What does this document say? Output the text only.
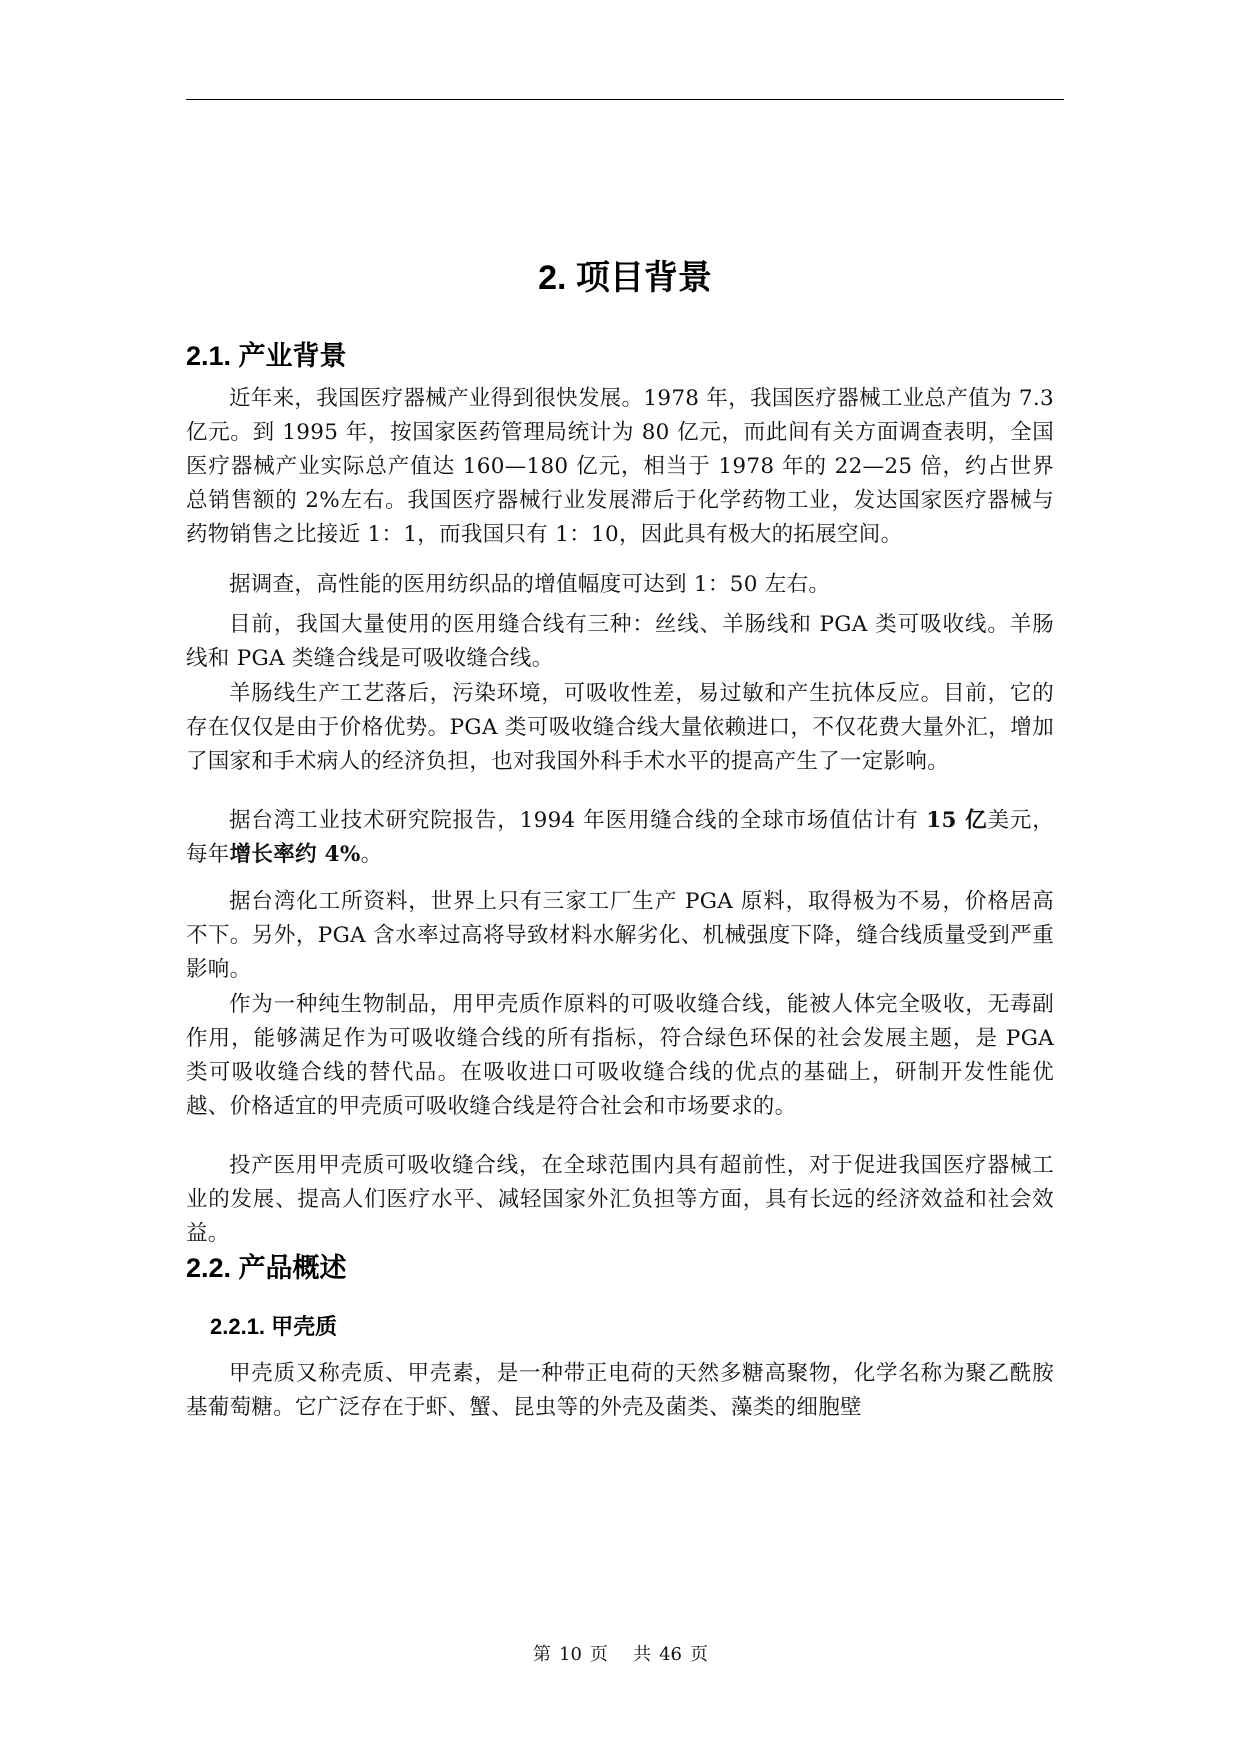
2. 项目背景
2.1. 产业背景

近年来，我国医疗器械产业得到很快发展。1978 年，我国医疗器械工业总产值为 7.3 亿元。到 1995 年，按国家医药管理局统计为 80 亿元，而此间有关方面调查表明，全国医疗器械产业实际总产值达 160—180 亿元，相当于 1978 年的 22—25 倍，约占世界总销售额的 2%左右。我国医疗器械行业发展滞后于化学药物工业，发达国家医疗器械与药物销售之比接近 1：1，而我国只有 1：10，因此具有极大的拓展空间。

据调查，高性能的医用纺织品的增值幅度可达到 1：50 左右。

目前，我国大量使用的医用缝合线有三种：丝线、羊肠线和 PGA 类可吸收线。羊肠线和 PGA 类缝合线是可吸收缝合线。

羊肠线生产工艺落后，污染环境，可吸收性差，易过敏和产生抗体反应。目前，它的存在仅仅是由于价格优势。PGA 类可吸收缝合线大量依赖进口，不仅花费大量外汇，增加了国家和手术病人的经济负担，也对我国外科手术水平的提高产生了一定影响。

据台湾工业技术研究院报告，1994 年医用缝合线的全球市场值估计有 15 亿美元，每年增长率约 4%。

据台湾化工所资料，世界上只有三家工厂生产 PGA 原料，取得极为不易，价格居高不下。另外，PGA 含水率过高将导致材料水解劣化、机械强度下降，缝合线质量受到严重影响。

作为一种纯生物制品，用甲壳质作原料的可吸收缝合线，能被人体完全吸收，无毒副作用，能够满足作为可吸收缝合线的所有指标，符合绿色环保的社会发展主题，是 PGA 类可吸收缝合线的替代品。在吸收进口可吸收缝合线的优点的基础上，研制开发性能优越、价格适宜的甲壳质可吸收缝合线是符合社会和市场要求的。

投产医用甲壳质可吸收缝合线，在全球范围内具有超前性，对于促进我国医疗器械工业的发展、提高人们医疗水平、减轻国家外汇负担等方面，具有长远的经济效益和社会效益。

2.2. 产品概述
2.2.1. 甲壳质

甲壳质又称壳质、甲壳素，是一种带正电荷的天然多糖高聚物，化学名称为聚乙酰胺基葡萄糖。它广泛存在于虾、蟹、昆虫等的外壳及菌类、藻类的细胞壁

第 10 页 共 46 页
